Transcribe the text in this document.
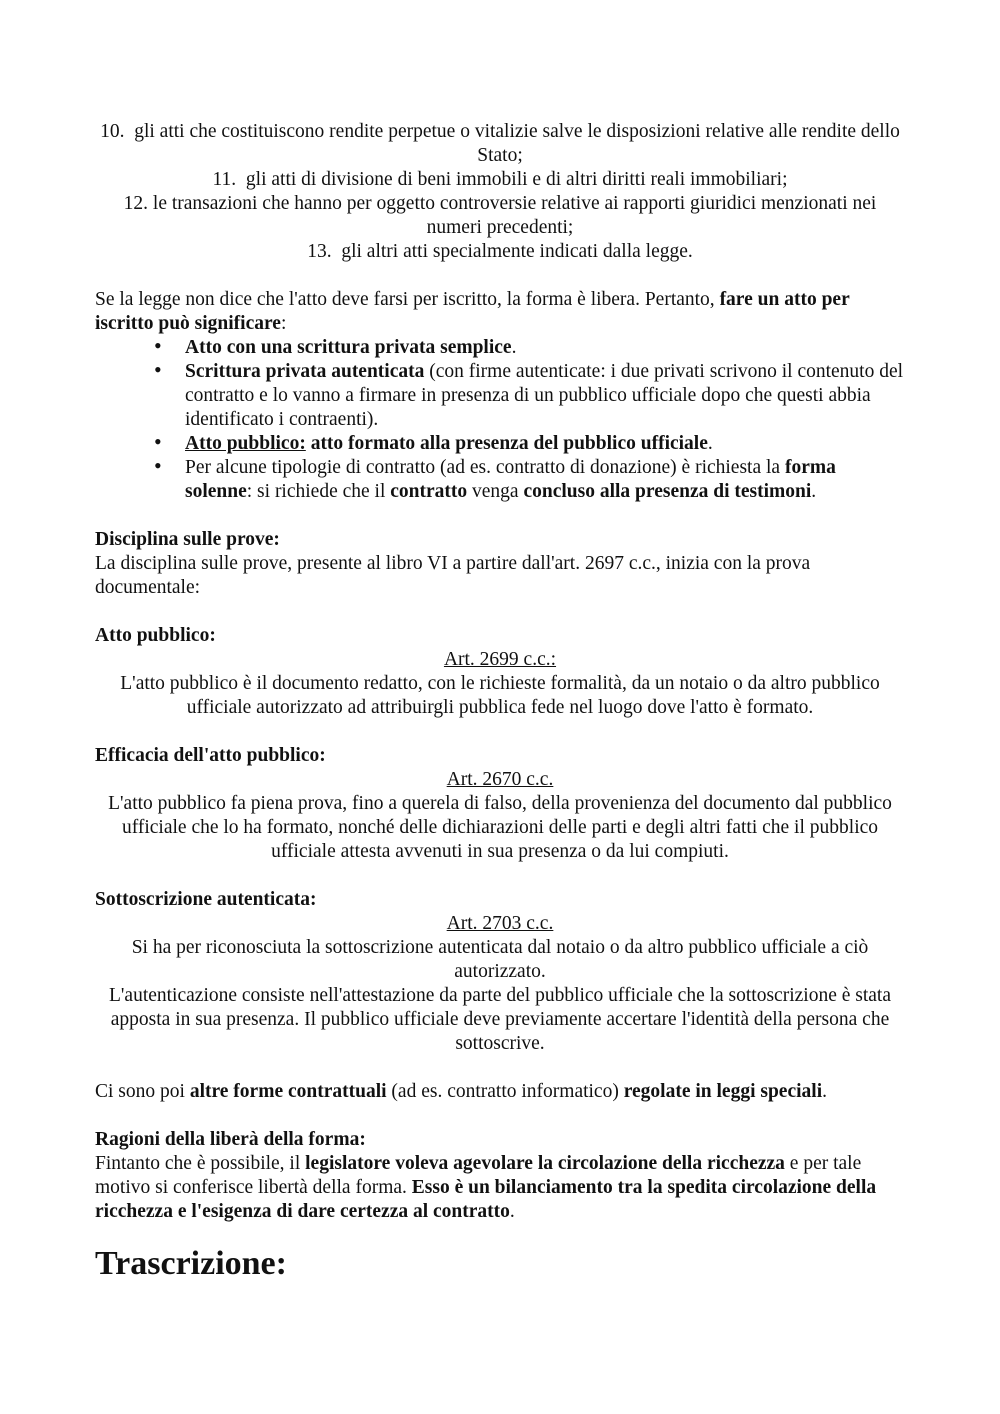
10. gli atti che costituiscono rendite perpetue o vitalizie salve le disposizioni relative alle rendite dello Stato;
11. gli atti di divisione di beni immobili e di altri diritti reali immobiliari;
12. le transazioni che hanno per oggetto controversie relative ai rapporti giuridici menzionati nei numeri precedenti;
13. gli altri atti specialmente indicati dalla legge.

Se la legge non dice che l'atto deve farsi per iscritto, la forma è libera. Pertanto, fare un atto per iscritto può significare:

• Atto con una scrittura privata semplice.
• Scrittura privata autenticata (con firme autenticate: i due privati scrivono il contenuto del contratto e lo vanno a firmare in presenza di un pubblico ufficiale dopo che questi abbia identificato i contraenti).
• Atto pubblico: atto formato alla presenza del pubblico ufficiale.
• Per alcune tipologie di contratto (ad es. contratto di donazione) è richiesta la forma solenne: si richiede che il contratto venga concluso alla presenza di testimoni.

Disciplina sulle prove:

La disciplina sulle prove, presente al libro VI a partire dall'art. 2697 c.c., inizia con la prova documentale:

Atto pubblico:

Art. 2699 c.c.:

L'atto pubblico è il documento redatto, con le richieste formalità, da un notaio o da altro pubblico ufficiale autorizzato ad attribuirgli pubblica fede nel luogo dove l'atto è formato.

Efficacia dell'atto pubblico:

Art. 2670 c.c.

L'atto pubblico fa piena prova, fino a querela di falso, della provenienza del documento dal pubblico ufficiale che lo ha formato, nonché delle dichiarazioni delle parti e degli altri fatti che il pubblico ufficiale attesta avvenuti in sua presenza o da lui compiuti.

Sottoscrizione autenticata:

Art. 2703 c.c.

Si ha per riconosciuta la sottoscrizione autenticata dal notaio o da altro pubblico ufficiale a ciò autorizzato.

L'autenticazione consiste nell'attestazione da parte del pubblico ufficiale che la sottoscrizione è stata apposta in sua presenza. Il pubblico ufficiale deve previamente accertare l'identità della persona che sottoscrive.

Ci sono poi altre forme contrattuali (ad es. contratto informatico) regolate in leggi speciali.

Ragioni della liberà della forma:

Fintanto che è possibile, il legislatore voleva agevolare la circolazione della ricchezza e per tale motivo si conferisce libertà della forma. Esso è un bilanciamento tra la spedita circolazione della ricchezza e l'esigenza di dare certezza al contratto.

Trascrizione:
